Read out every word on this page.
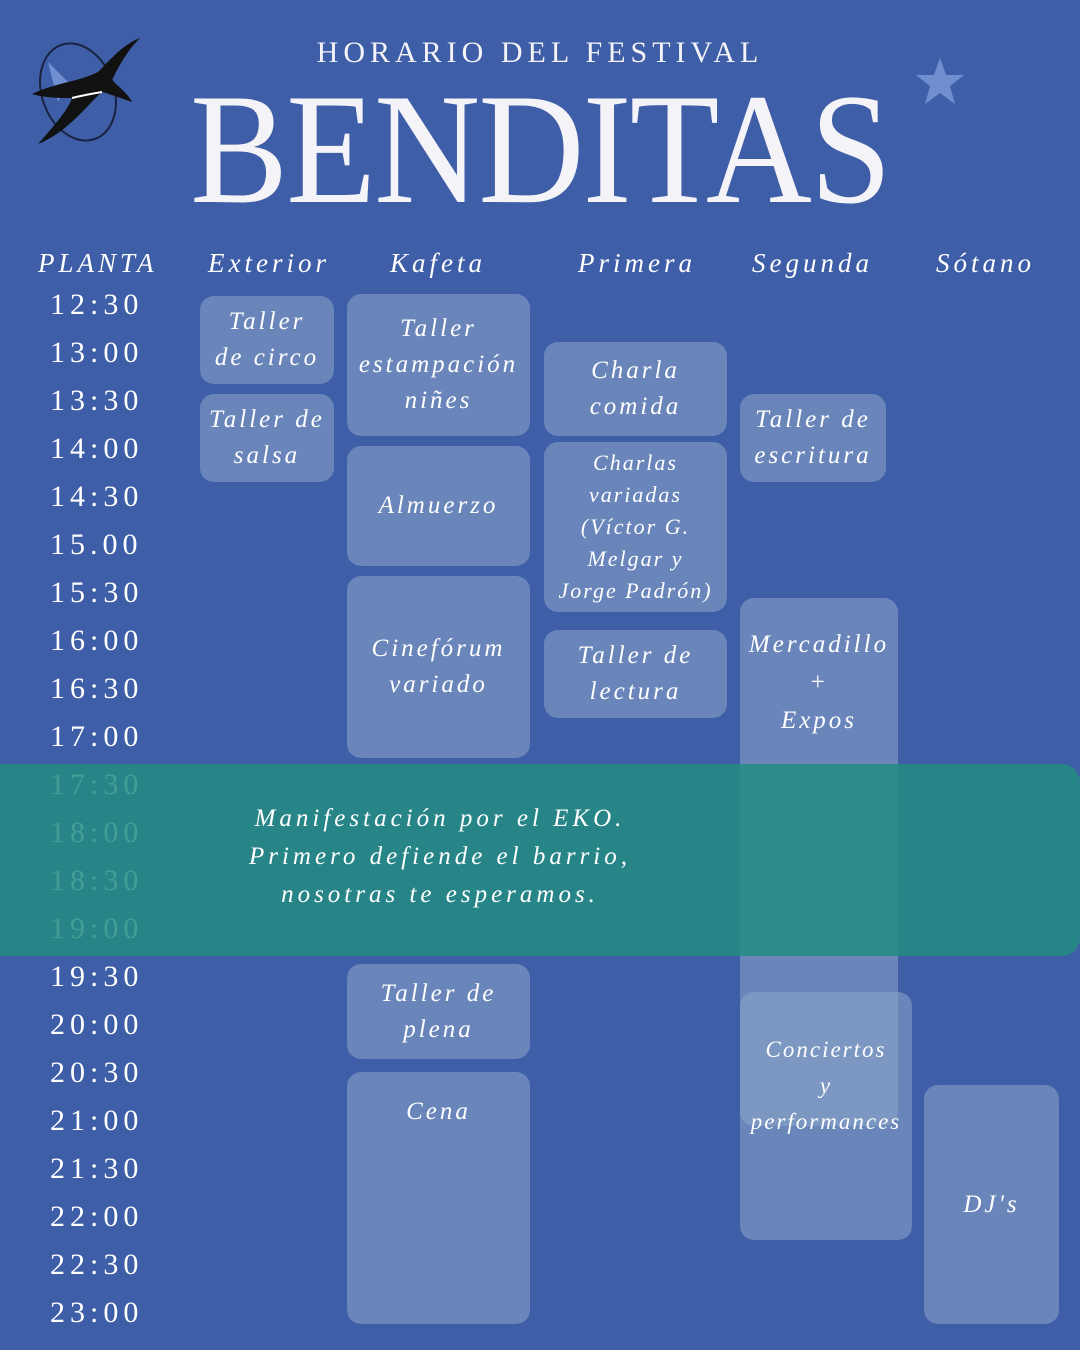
HORARIO DEL FESTIVAL
BENDITAS
PLANTA Exterior Kafeta	Primera Segunda Sótano
12:30
13:00
13:30
14:00
14:30
15.00
15:30
16:00
16:30
17:00
19:30
20:00
20:30
21:00
21:30
22:00
22:30
23:00
Taller
de circo
Taller de
salsa
Taller
estampación
niñes
Almuerzo
Cinefórum
variado
Taller de
plena
Cena
Charla
comida
Charlas
variadas
(Víctor G.
Melgar y
Jorge Padrón)
Taller de
lectura
Taller de
escritura
Mercadillo
+
Expos
Manifestación por el EKO.
Primero defiende el barrio,
nosotras te esperamos.
Conciertos
y
performances
DJ's
